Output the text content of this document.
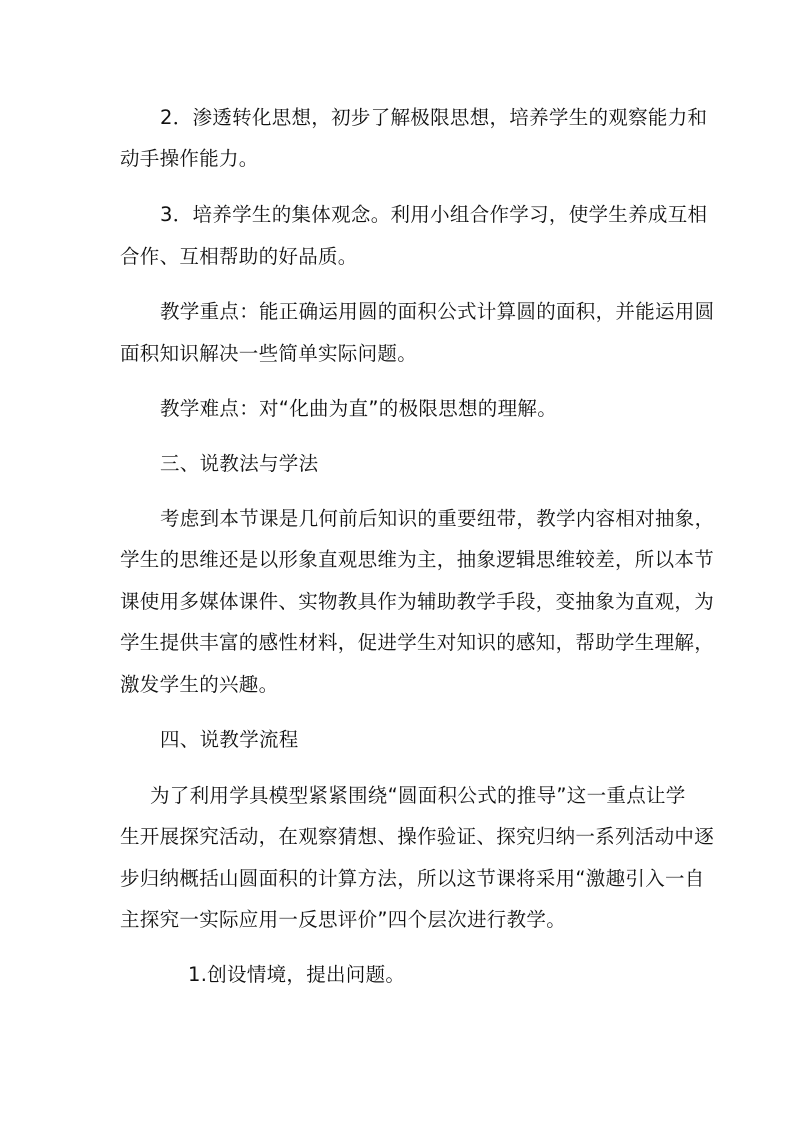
2．渗透转化思想，初步了解极限思想，培养学生的观察能力和
动手操作能力。
3．培养学生的集体观念。利用小组合作学习，使学生养成互相
合作、互相帮助的好品质。
教学重点：能正确运用圆的面积公式计算圆的面积，并能运用圆
面积知识解决一些简单实际问题。
教学难点：对“化曲为直”的极限思想的理解。
三、说教法与学法
考虑到本节课是几何前后知识的重要纽带，教学内容相对抽象，
学生的思维还是以形象直观思维为主，抽象逻辑思维较差，所以本节
课使用多媒体课件、实物教具作为辅助教学手段，变抽象为直观，为
学生提供丰富的感性材料，促进学生对知识的感知，帮助学生理解，
激发学生的兴趣。
四、说教学流程
为了利用学具模型紧紧围绕“圆面积公式的推导”这一重点让学
生开展探究活动，在观察猜想、操作验证、探究归纳一系列活动中逐
步归纳概括山圆面积的计算方法，所以这节课将采用“激趣引入一自
主探究一实际应用一反思评价”四个层次进行教学。
1.创设情境，提出问题。
